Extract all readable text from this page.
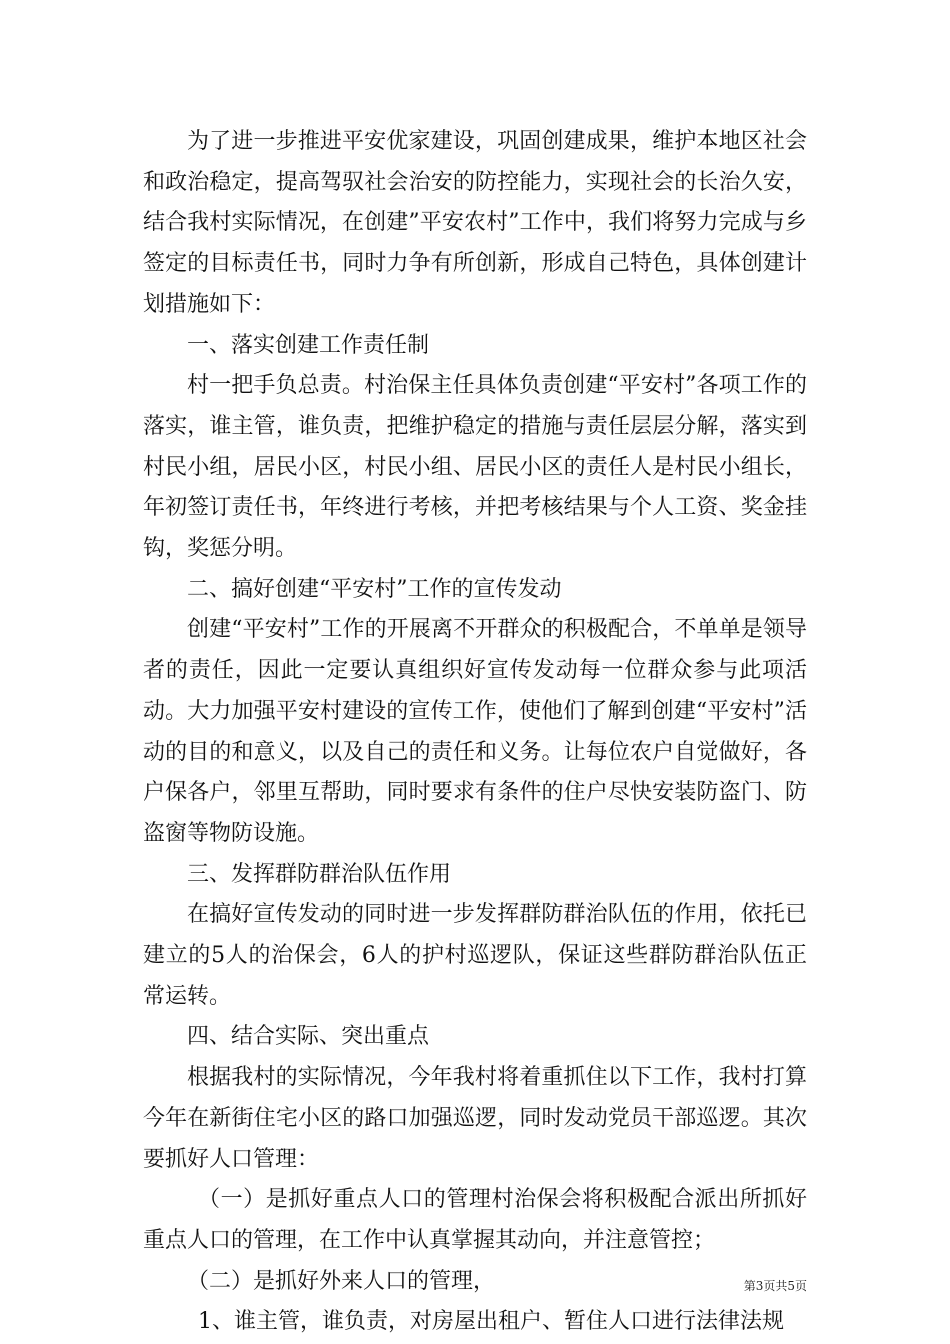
为了进一步推进平安优家建设，巩固创建成果，维护本地区社会和政治稳定，提高驾驭社会治安的防控能力，实现社会的长治久安，结合我村实际情况，在创建”平安农村”工作中，我们将努力完成与乡签定的目标责任书，同时力争有所创新，形成自己特色，具体创建计划措施如下：

一、落实创建工作责任制

村一把手负总责。村治保主任具体负责创建“平安村”各项工作的落实，谁主管，谁负责，把维护稳定的措施与责任层层分解，落实到村民小组，居民小区，村民小组、居民小区的责任人是村民小组长，年初签订责任书，年终进行考核，并把考核结果与个人工资、奖金挂钩，奖惩分明。

二、搞好创建“平安村”工作的宣传发动

创建“平安村”工作的开展离不开群众的积极配合，不单单是领导者的责任，因此一定要认真组织好宣传发动每一位群众参与此项活动。大力加强平安村建设的宣传工作，使他们了解到创建“平安村”活动的目的和意义，以及自己的责任和义务。让每位农户自觉做好，各户保各户，邻里互帮助，同时要求有条件的住户尽快安装防盗门、防盗窗等物防设施。

三、发挥群防群治队伍作用

在搞好宣传发动的同时进一步发挥群防群治队伍的作用，依托已建立的5人的治保会，6人的护村巡逻队，保证这些群防群治队伍正常运转。

四、结合实际、突出重点

根据我村的实际情况，今年我村将着重抓住以下工作，我村打算今年在新街住宅小区的路口加强巡逻，同时发动党员干部巡逻。其次要抓好人口管理：

（一）是抓好重点人口的管理村治保会将积极配合派出所抓好重点人口的管理，在工作中认真掌握其动向，并注意管控；

（二）是抓好外来人口的管理，

1、谁主管，谁负责，对房屋出租户、暂住人口进行法律法规

第3页共5页
